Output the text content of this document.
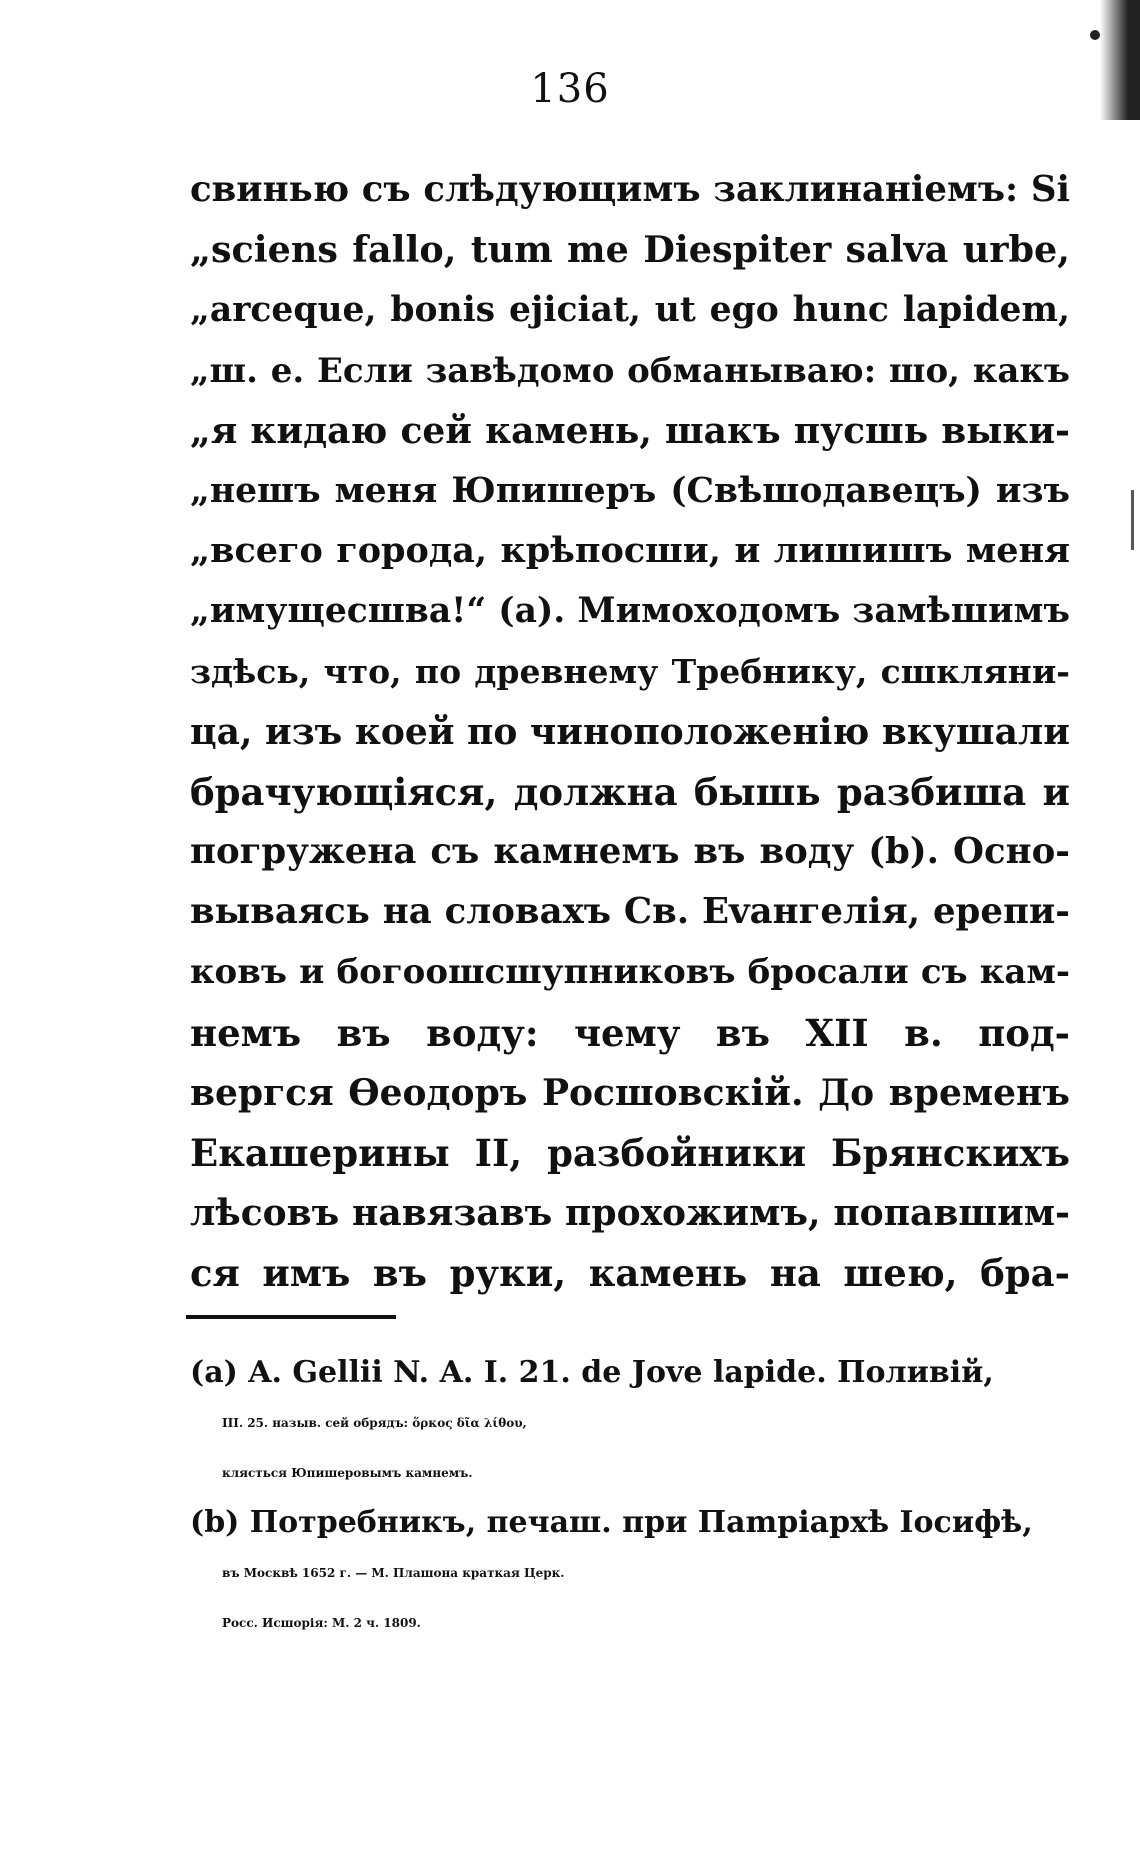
136
свинью съ слѣдующимъ заклинаніемъ: Si
„sciens fallo, tum me Diespiter salva urbe,
„arceque, bonis ejiciat, ut ego hunc lapidem,
„ш. е. Если завѣдомо обманываю: шо, какъ
„я кидаю сей камень, шакъ пусшь выки-
„нешъ меня Юпишеръ (Свѣшодавецъ) изъ
„всего города, крѣпосши, и лишишъ меня
„имущесшва!“ (a). Мимоходомъ замѣшимъ
здѣсь, что, по древнему Требнику, сшкляни-
ца, изъ коей по чиноположенію вкушали
брачующіяся, должна бышь разбиша и
погружена съ камнемъ въ воду (b). Осно-
вываясь на словахъ Св. Еvангелія, ерепи-
ковъ и богоошсшупниковъ бросали съ кам-
немъ въ воду: чему въ XII в. под-
вергся Өеодоръ Росшовскій. До временъ
Екашерины II, разбойники Брянскихъ
лѣсовъ навязавъ прохожимъ, попавшим-
ся имъ въ руки, камень на шею, бра-
(a) A. Gellii N. A. I. 21. de Jove lapide. Поливій,
III. 25. назыв. сей обрядъ: ὅρκος δῖα λίθου,
клясться Юпишеровымъ камнемъ.
(b) Потребникъ, печаш. при Паmріархѣ Іосифѣ,
въ Москвѣ 1652 г. — М. Плашона краткая Церк.
Росс. Исшорія: М. 2 ч. 1809.
